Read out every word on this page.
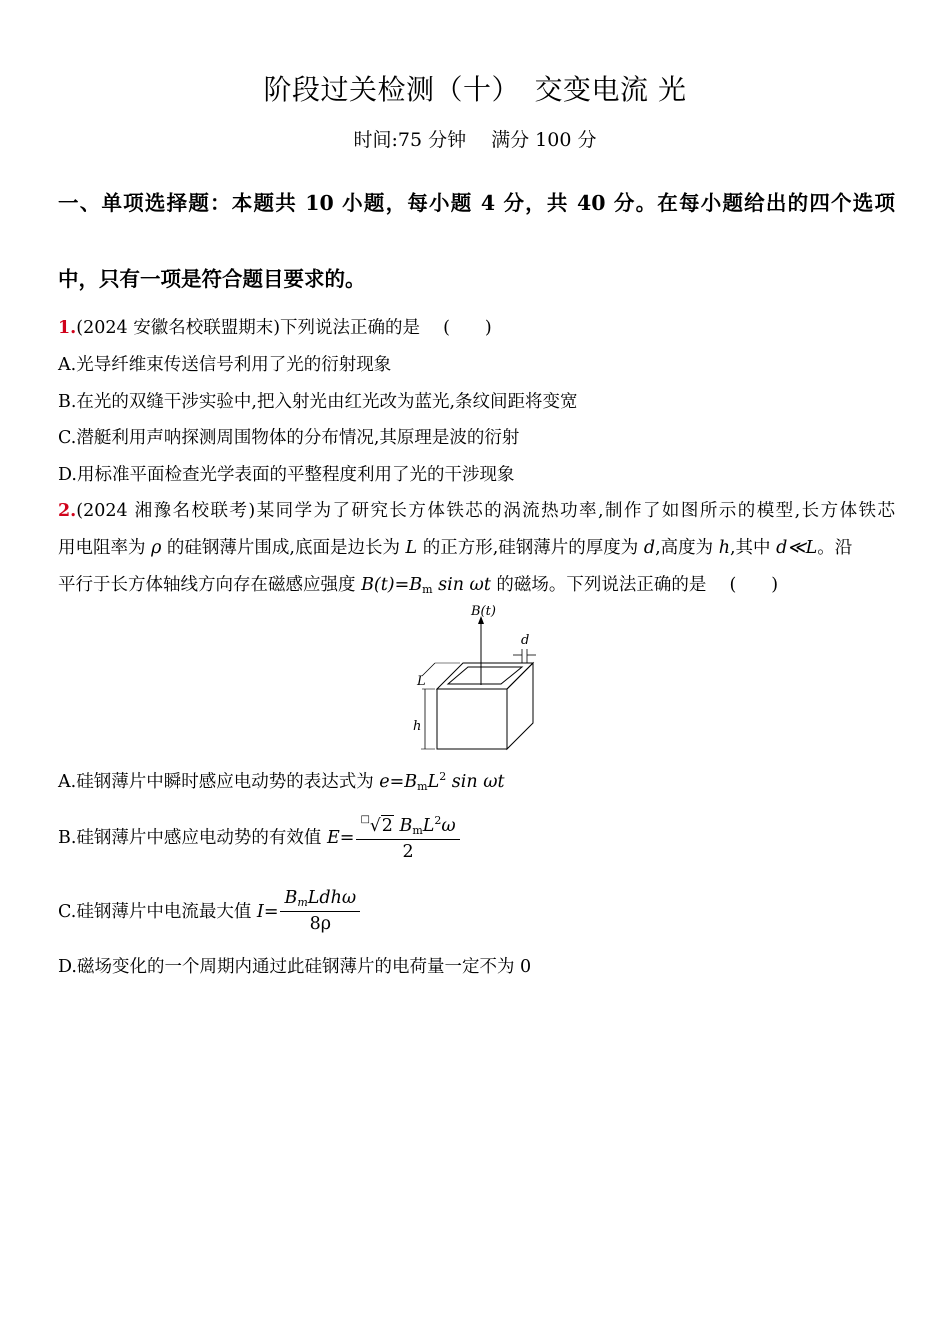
阶段过关检测（十）　交变电流 光
时间:75 分钟　 满分 100 分
一、单项选择题：本题共 10 小题，每小题 4 分，共 40 分。在每小题给出的四个选项
中，只有一项是符合题目要求的。
1.(2024 安徽名校联盟期末)下列说法正确的是　 (　　)
A.光导纤维束传送信号利用了光的衍射现象
B.在光的双缝干涉实验中,把入射光由红光改为蓝光,条纹间距将变宽
C.潜艇利用声呐探测周围物体的分布情况,其原理是波的衍射
D.用标准平面检查光学表面的平整程度利用了光的干涉现象
2.(2024 湘豫名校联考)某同学为了研究长方体铁芯的涡流热功率,制作了如图所示的模型,长方体铁芯
用电阻率为 ρ 的硅钢薄片围成,底面是边长为 L 的正方形,硅钢薄片的厚度为 d,高度为 h,其中 d≪L。沿
平行于长方体轴线方向存在磁感应强度 $B(t)=B_m$ sin ωt 的磁场。下列说法正确的是　 (　　)
B(t)
d
L
h
A.硅钢薄片中瞬时感应电动势的表达式为 $e=B_mL^2$ sin ωt
B.硅钢薄片中感应电动势的有效值 $E= \frac{^□√2 B_mL^2\omega}{2}$
C.硅钢薄片中电流最大值 $I= \frac{B_mLdh\omega}{8\rho}$
D.磁场变化的一个周期内通过此硅钢薄片的电荷量一定不为 0
